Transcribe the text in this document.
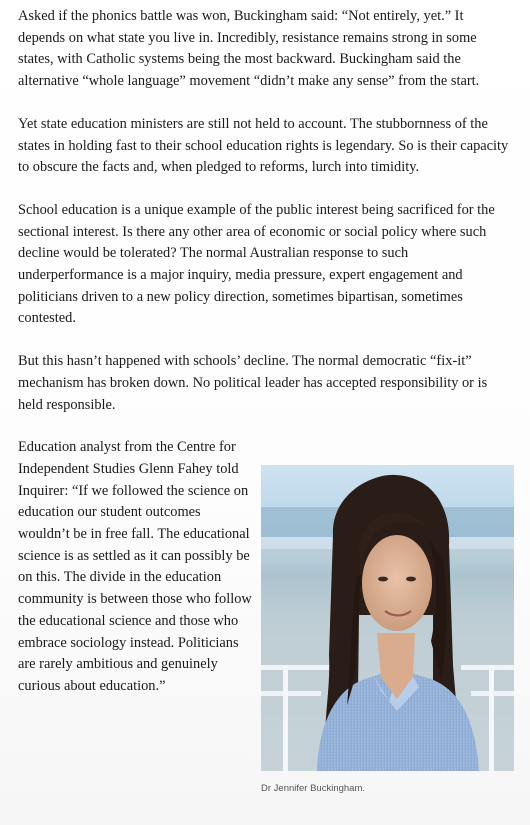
Asked if the phonics battle was won, Buckingham said: “Not entirely, yet.” It depends on what state you live in. Incredibly, resistance remains strong in some states, with Catholic systems being the most backward. Buckingham said the alternative “whole language” movement “didn’t make any sense” from the start.

Yet state education ministers are still not held to account. The stubbornness of the states in holding fast to their school education rights is legendary. So is their capacity to obscure the facts and, when pledged to reforms, lurch into timidity.

School education is a unique example of the public interest being sacrificed for the sectional interest. Is there any other area of economic or social policy where such decline would be tolerated? The normal Australian response to such underperformance is a major inquiry, media pressure, expert engagement and politicians driven to a new policy direction, sometimes bipartisan, sometimes contested.

But this hasn’t happened with schools’ decline. The normal democratic “fix-it” mechanism has broken down. No political leader has accepted responsibility or is held responsible.

Education analyst from the Centre for Independent Studies Glenn Fahey told Inquirer: “If we followed the science on education our student outcomes wouldn’t be in free fall. The educational science is as settled as it can possibly be on this. The divide in the education community is between those who follow the educational science and those who embrace sociology instead. Politicians are rarely ambitious and genuinely curious about education.”

Dr Jennifer Buckingham.
